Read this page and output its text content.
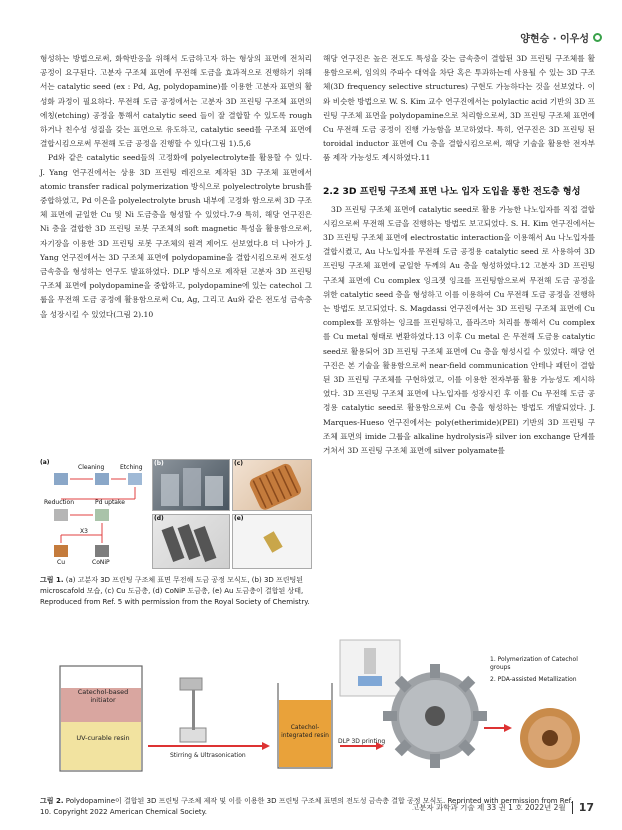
양현승 · 이우성

형성하는 방법으로써, 화학반응을 위해서 도금하고자 하는 형상의 표면에 전처리 공정이 요구된다. 고분자 구조체 표면에 무전해 도금을 효과적으로 진행하기 위해서는 catalytic seed (ex : Pd, Ag, polydopamine)를 이용한 고분자 표면의 활성화 과정이 필요하다. 무전해 도금 공정에서는 고분자 3D 프린팅 구조체 표면의 에칭(etching) 공정을 통해서 catalytic seed 들이 잘 결합할 수 있도록 rough 하거나 친수성 성질을 갖는 표면으로 유도하고, catalytic seed를 구조체 표면에 결합시킴으로써 무전해 도금 공정을 진행할 수 있다(그림 1).5,6

Pd와 같은 catalytic seed들의 고정화에 polyelectrolyte를 활용할 수 있다. J. Yang 연구진에서는 상용 3D 프린팅 레진으로 제작된 3D 구조체 표면에서 atomic transfer radical polymerization 방식으로 polyelectrolyte brush를 중합하였고, Pd 이온을 polyelectrolyte brush 내부에 고정화 함으로써 3D 구조체 표면에 균일한 Cu 및 Ni 도금층을 형성할 수 있었다.7-9 특히, 해당 연구진은 Ni 층을 결합한 3D 프린팅 로봇 구조체의 soft magnetic 특성을 활용함으로써, 자기장을 이용한 3D 프린팅 로봇 구조체의 원격 제어도 선보였다.8 더 나아가 J. Yang 연구진에서는 3D 구조체 표면에 polydopamine을 결합시킴으로써 전도성 금속층을 형성하는 연구도 발표하였다. DLP 방식으로 제작된 고분자 3D 프린팅 구조체 표면에 polydopamine을 중합하고, polydopamine에 있는 catechol 그룹을 무전해 도금 공정에 활용함으로써 Cu, Ag, 그리고 Au와 같은 전도성 금속층을 성장시킬 수 있었다(그림 2).10

해당 연구진은 높은 전도도 특성을 갖는 금속층이 결합된 3D 프린팅 구조체를 활용함으로써, 임의의 주파수 대역을 차단 혹은 투과하는데 사용될 수 있는 3D 구조체(3D frequency selective structures) 구현도 가능하다는 것을 선보였다. 이와 비슷한 방법으로 W. S. Kim 교수 연구진에서는 polylactic acid 기반의 3D 프린팅 구조체 표면을 polydopamine으로 처리함으로써, 3D 프린팅 구조체 표면에 Cu 무전해 도금 공정이 진행 가능함을 보고하였다. 특히, 연구진은 3D 프린팅 된 toroidal inductor 표면에 Cu 층을 결합시킴으로써, 해당 기술을 활용한 전자부품 제작 가능성도 제시하였다.11

2.2 3D 프린팅 구조체 표면 나노 입자 도입을 통한 전도층 형성

3D 프린팅 구조체 표면에 catalytic seed로 활용 가능한 나노입자를 직접 결합시킴으로써 무전해 도금을 진행하는 방법도 보고되었다. S. H. Kim 연구진에서는 3D 프린팅 구조체 표면에 electrostatic interaction을 이용해서 Au 나노입자를 결합시켰고, Au 나노입자를 무전해 도금 공정용 catalytic seed 로 사용하여 3D 프린팅 구조체 표면에 균일한 두께의 Au 층을 형성하였다.12 고분자 3D 프린팅 구조체 표면에 Cu complex 잉크젯 잉크를 프린팅함으로써 무전해 도금 공정을 위한 catalytic seed 층을 형성하고 이를 이용하여 Cu 무전해 도금 공정을 진행하는 방법도 보고되었다. S. Magdassi 연구진에서는 3D 프린팅 구조체 표면에 Cu complex를 포함하는 잉크를 프린팅하고, 플라즈마 처리를 통해서 Cu complex를 Cu metal 형태로 변환하였다.13 이후 Cu metal 은 무전해 도금용 catalytic seed로 활용되어 3D 프린팅 구조체 표면에 Cu 층을 형성시킬 수 있었다. 해당 연구진은 본 기술을 활용함으로써 near-field communication 안테나 패턴이 결합된 3D 프린팅 구조체를 구현하였고, 이를 이용한 전자부품 활용 가능성도 제시하였다. 3D 프린팅 구조체 표면에 나노입자를 성장시킨 후 이를 Cu 무전해 도금 공정용 catalytic seed로 활용함으로써 Cu 층을 형성하는 방법도 개발되었다. J. Marques-Hueso 연구진에서는 poly(etherimide)(PEI) 기반의 3D 프린팅 구조체 표면의 imide 그룹을 alkaline hydrolysis과 silver ion exchange 단계를 거쳐서 3D 프린팅 구조체 표면에 silver polyamate를

(a)
Cleaning	Etching
Reduction	Pd uptake
X3
Cu	CoNiP
(b)	(c)
(d)	(e)
그림 1. (a) 고분자 3D 프린팅 구조체 표면 무전해 도금 공정 모식도, (b) 3D 프린팅된 microscafold 모습, (c) Cu 도금층, (d) CoNiP 도금층, (e) Au 도금층이 결합된 상태, Reproduced from Ref. 5 with permission from the Royal Society of Chemistry.
Catechol-based initiator
UV-curable resin
Stirring & Ultrasonication
Catechol-integrated resin
DLP 3D printing
1. Polymerization of Catechol groups
2. PDA-assisted Metallization
그림 2. Polydopamine이 결합된 3D 프린팅 구조체 제작 및 이를 이용한 3D 프린팅 구조체 표면의 전도성 금속층 결합 공정 모식도. Reprinted with permission from Ref. 10. Copyright 2022 American Chemical Society.	고분자 과학과 기술 제 33 권 1 호 2022년 2월	17
